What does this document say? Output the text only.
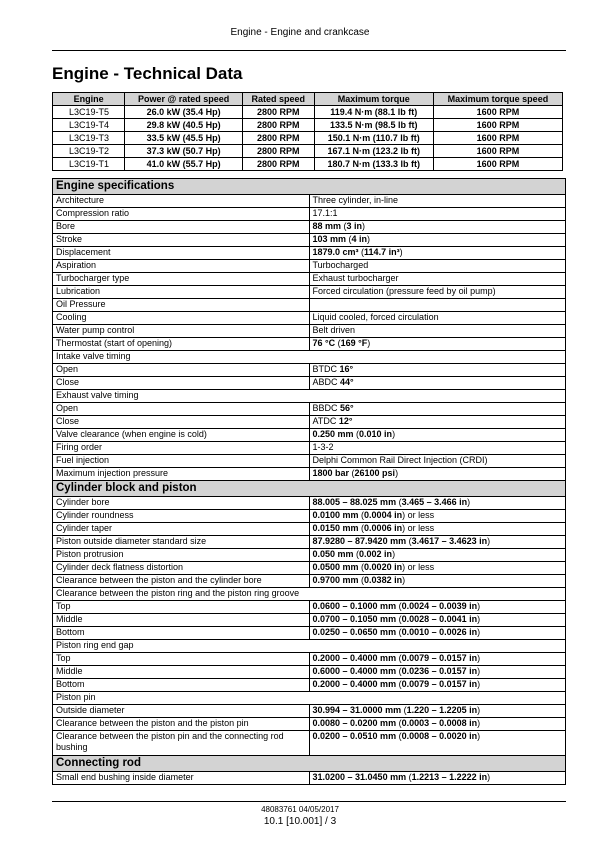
Engine - Engine and crankcase
Engine - Technical Data
Engine	Power @ rated speed	Rated speed	Maximum torque	Maximum torque speed
L3C19-T5	26.0 kW (35.4 Hp)	2800 RPM	119.4 N·m (88.1 lb ft)	1600 RPM
L3C19-T4	29.8 kW (40.5 Hp)	2800 RPM	133.5 N·m (98.5 lb ft)	1600 RPM
L3C19-T3	33.5 kW (45.5 Hp)	2800 RPM	150.1 N·m (110.7 lb ft)	1600 RPM
L3C19-T2	37.3 kW (50.7 Hp)	2800 RPM	167.1 N·m (123.2 lb ft)	1600 RPM
L3C19-T1	41.0 kW (55.7 Hp)	2800 RPM	180.7 N·m (133.3 lb ft)	1600 RPM
Engine specifications	
Architecture	Three cylinder, in-line
Compression ratio	17.1:1
Bore	88 mm (3 in)
Stroke	103 mm (4 in)
Displacement	1879.0 cm³ (114.7 in³)
Aspiration	Turbocharged
Turbocharger type	Exhaust turbocharger
Lubrication	Forced circulation (pressure feed by oil pump)
Oil Pressure	
Cooling	Liquid cooled, forced circulation
Water pump control	Belt driven
Thermostat (start of opening)	76 °C (169 °F)
Intake valve timing	
Open	BTDC 16°
Close	ABDC 44°
Exhaust valve timing	
Open	BBDC 56°
Close	ATDC 12°
Valve clearance (when engine is cold)	0.250 mm (0.010 in)
Firing order	1-3-2
Fuel injection	Delphi Common Rail Direct Injection (CRDI)
Maximum injection pressure	1800 bar (26100 psi)
Cylinder block and piston	
Cylinder bore	88.005 – 88.025 mm (3.465 – 3.466 in)
Cylinder roundness	0.0100 mm (0.0004 in) or less
Cylinder taper	0.0150 mm (0.0006 in) or less
Piston outside diameter standard size	87.9280 – 87.9420 mm (3.4617 – 3.4623 in)
Piston protrusion	0.050 mm (0.002 in)
Cylinder deck flatness distortion	0.0500 mm (0.0020 in) or less
Clearance between the piston and the cylinder bore	0.9700 mm (0.0382 in)
Clearance between the piston ring and the piston ring groove	
Top	0.0600 – 0.1000 mm (0.0024 – 0.0039 in)
Middle	0.0700 – 0.1050 mm (0.0028 – 0.0041 in)
Bottom	0.0250 – 0.0650 mm (0.0010 – 0.0026 in)
Piston ring end gap	
Top	0.2000 – 0.4000 mm (0.0079 – 0.0157 in)
Middle	0.6000 – 0.4000 mm (0.0236 – 0.0157 in)
Bottom	0.2000 – 0.4000 mm (0.0079 – 0.0157 in)
Piston pin	
Outside diameter	30.994 – 31.0000 mm (1.220 – 1.2205 in)
Clearance between the piston and the piston pin	0.0080 – 0.0200 mm (0.0003 – 0.0008 in)
Clearance between the piston pin and the connecting rod bushing	0.0200 – 0.0510 mm (0.0008 – 0.0020 in)
Connecting rod	
Small end bushing inside diameter	31.0200 – 31.0450 mm (1.2213 – 1.2222 in)
48083761 04/05/2017
10.1 [10.001] / 3
